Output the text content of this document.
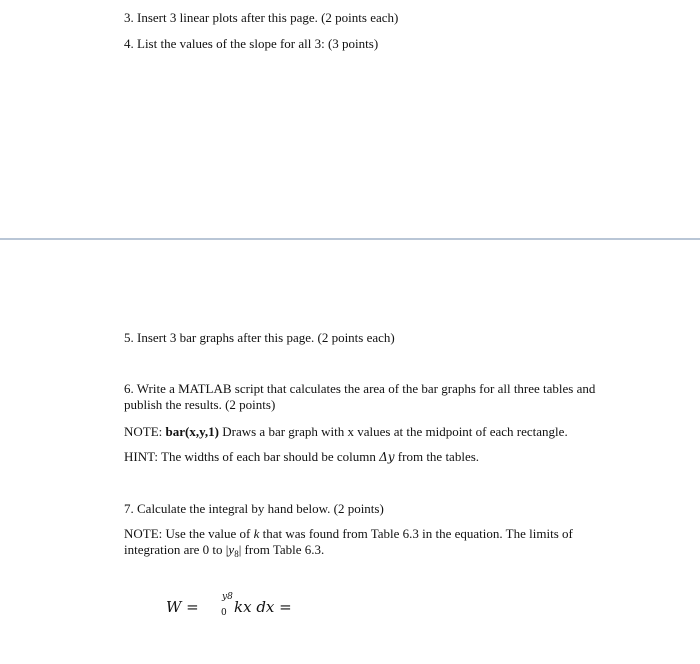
3. Insert 3 linear plots after this page. (2 points each)
4. List the values of the slope for all 3: (3 points)
5. Insert 3 bar graphs after this page. (2 points each)
6. Write a MATLAB script that calculates the area of the bar graphs for all three tables and publish the results. (2 points)
NOTE: bar(x,y,1) Draws a bar graph with x values at the midpoint of each rectangle.
HINT: The widths of each bar should be column Δy from the tables.
7. Calculate the integral by hand below. (2 points)
NOTE: Use the value of k that was found from Table 6.3 in the equation. The limits of integration are 0 to $|y_8|$ from Table 6.3.
W =
y8
0 kx dx =
